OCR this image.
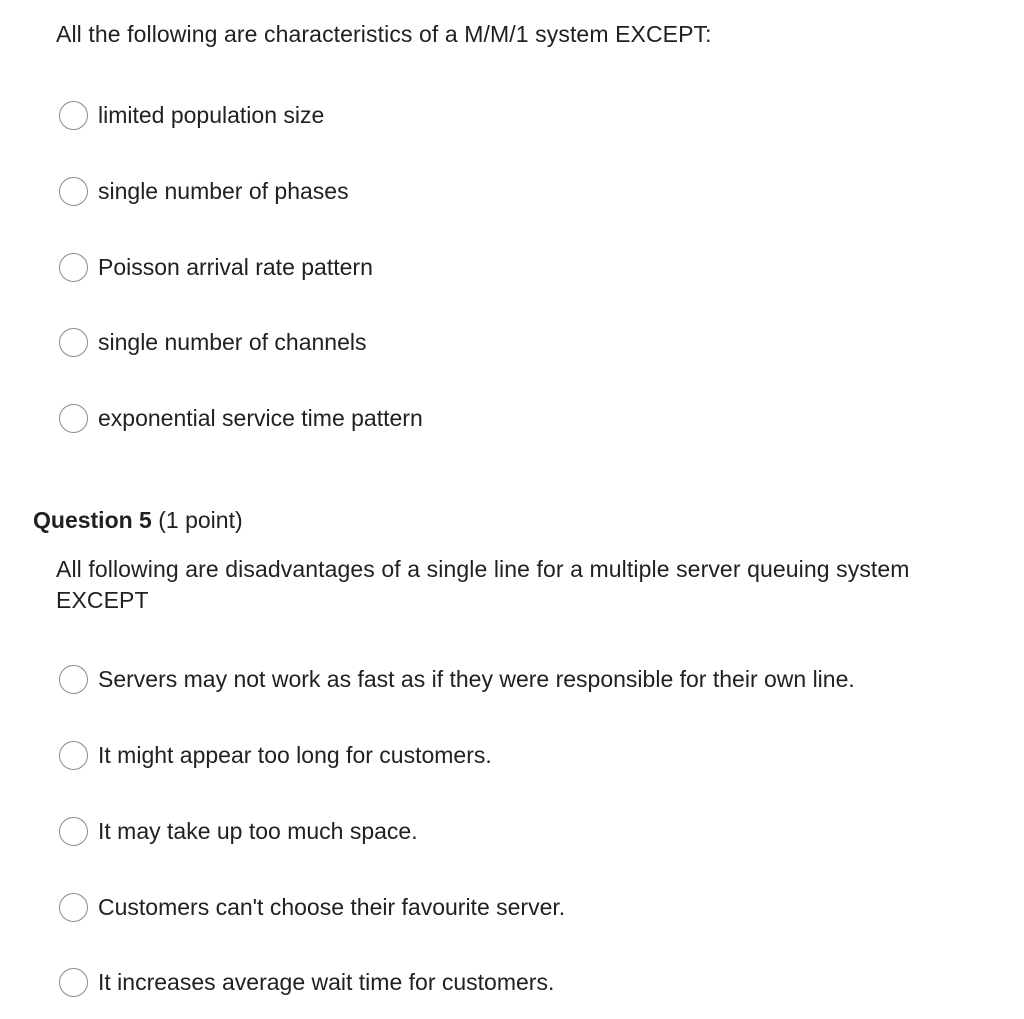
All the following are characteristics of a M/M/1 system EXCEPT:
limited population size
single number of phases
Poisson arrival rate pattern
single number of channels
exponential service time pattern
Question 5 (1 point)
All following are disadvantages of a single line for a multiple server queuing system EXCEPT
Servers may not work as fast as if they were responsible for their own line.
It might appear too long for customers.
It may take up too much space.
Customers can't choose their favourite server.
It increases average wait time for customers.
